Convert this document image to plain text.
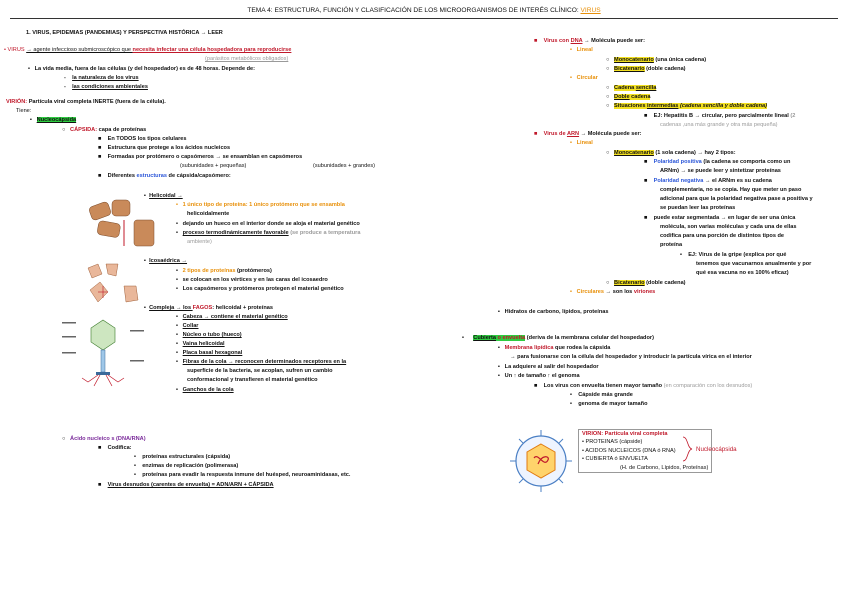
TEMA 4: ESTRUCTURA, FUNCIÓN Y CLASIFICACIÓN DE LOS MICROORGANISMOS DE INTERÉS CLÍNICO: VIRUS
1. VIRUS, EPIDEMIAS (PANDEMIAS) Y PERSPECTIVA HISTÓRICA → LEER
• VIRUS → agente infeccioso submicroscópico que necesita infectar una célula hospedadora para reproducirse
(parásitos metabólicos obligados)
•   La vida media, fuera de las células (y del hospedador) es de 48 horas. Depende de:
-    la naturaleza de los virus
-    las condiciones ambientales
VIRIÓN: Partícula viral completa INERTE (fuera de la célula).
Tiene:
▪   Nucleocápsida
○   CÁPSIDA: capa de proteínas
■    En TODOS los tipos celulares
■    Estructura que protege a los ácidos nucleicos
■    Formadas por protómero o capsómeros → se ensamblan en capsómeros
(subunidades + pequeñas)	(subunidades + grandes)
■    Diferentes estructuras de cápsida/capsómero:
▪  Helicoidal →
•   1 único tipo de proteína: 1 único protómero que se ensambla
helicoidalmente
•   dejando un hueco en el interior donde se aloja el material genético
•   proceso termodinámicamente favorable (se produce a temperatura
ambiente)
▪  Icosaédrica →
•   2 tipos de proteínas (protómeros)
•   se colocan en los vértices y en las caras del icosaedro
•   Los capsómeros y protómeros protegen el material genético
▪  Compleja → los FAGOS: helicoidal + proteínas
•   Cabeza → contiene el material genético
•   Collar
•   Núcleo o tubo (hueco)
•   Vaina helicoidal
•   Placa basal hexagonal
•   Fibras de la cola → reconocen determinados receptores en la
superficie de la bacteria, se acoplan, sufren un cambio
conformacional y transfieren el material genético
•   Ganchos de la cola
○   Ácido nucleico s (DNA/RNA)
■    Codifica:
•    proteínas estructurales (cápsida)
•    enzimas de replicación (polimerasa)
•    proteínas para evadir la respuesta inmune del huésped, neuroaminidasas, etc.
■    Virus desnudos (carentes de envuelta) = ADN/ARN + CÁPSIDA
■    Virus con DNA → Molécula puede ser:
•   Lineal
○   Monocatenario (una única cadena)
○   Bicatenario (doble cadena)
•   Circular
○   Cadena sencilla
○   Doble cadena
○   Situaciones intermedias (cadena sencilla y doble cadena)
■    EJ: Hepatitis B → circular, pero parcialmente lineal (2
cadenas ,una más grande y otra más pequeña)
■    Virus de ARN → Molécula puede ser:
•   Lineal
○   Monocatenario (1 sola cadena) → hay 2 tipos:
■    Polaridad positiva (la cadena se comporta como un
ARNm) → se puede leer y sintetizar proteínas
■    Polaridad negativa → el ARNm es su cadena
complementaria, no se copia. Hay que meter un paso
adicional para que la polaridad negativa pase a positiva y
se puedan leer las proteínas
■    puede estar segmentada → en lugar de ser una única
molécula, son varias moléculas y cada una de ellas
codifica para una porción de distintos tipos de
proteína
•    EJ: Virus de la gripe (explica por qué
tenemos que vacunarnos anualmente y por
qué esa vacuna no es 100% eficaz)
○   Bicatenario (doble cadena)
•   Circulares → son los viriones
▪   Hidratos de carbono, lípidos, proteínas
•      Cubierta o envuelta (deriva de la membrana celular del hospedador)
▪   Membrana lipídica que rodea la cápsida
→ para fusionarse con la célula del hospedador y introducir la partícula vírica en el interior
▪   La adquiere al salir del hospedador
▪   Un ↑ de tamaño ↑ el genoma
■    Los virus con envuelta tienen mayor tamaño (en comparación con los desnudos)
•    Cápside más grande
•    genoma de mayor tamaño
VIRION: Partícula viral completa
• PROTEINAS (cápside)
• ACIDOS NUCLEICOS (DNA ó RNA)
• CUBIERTA ó ENVUELTA
(H. de Carbono, Lípidos, Proteínas)
Nucleocápsida
